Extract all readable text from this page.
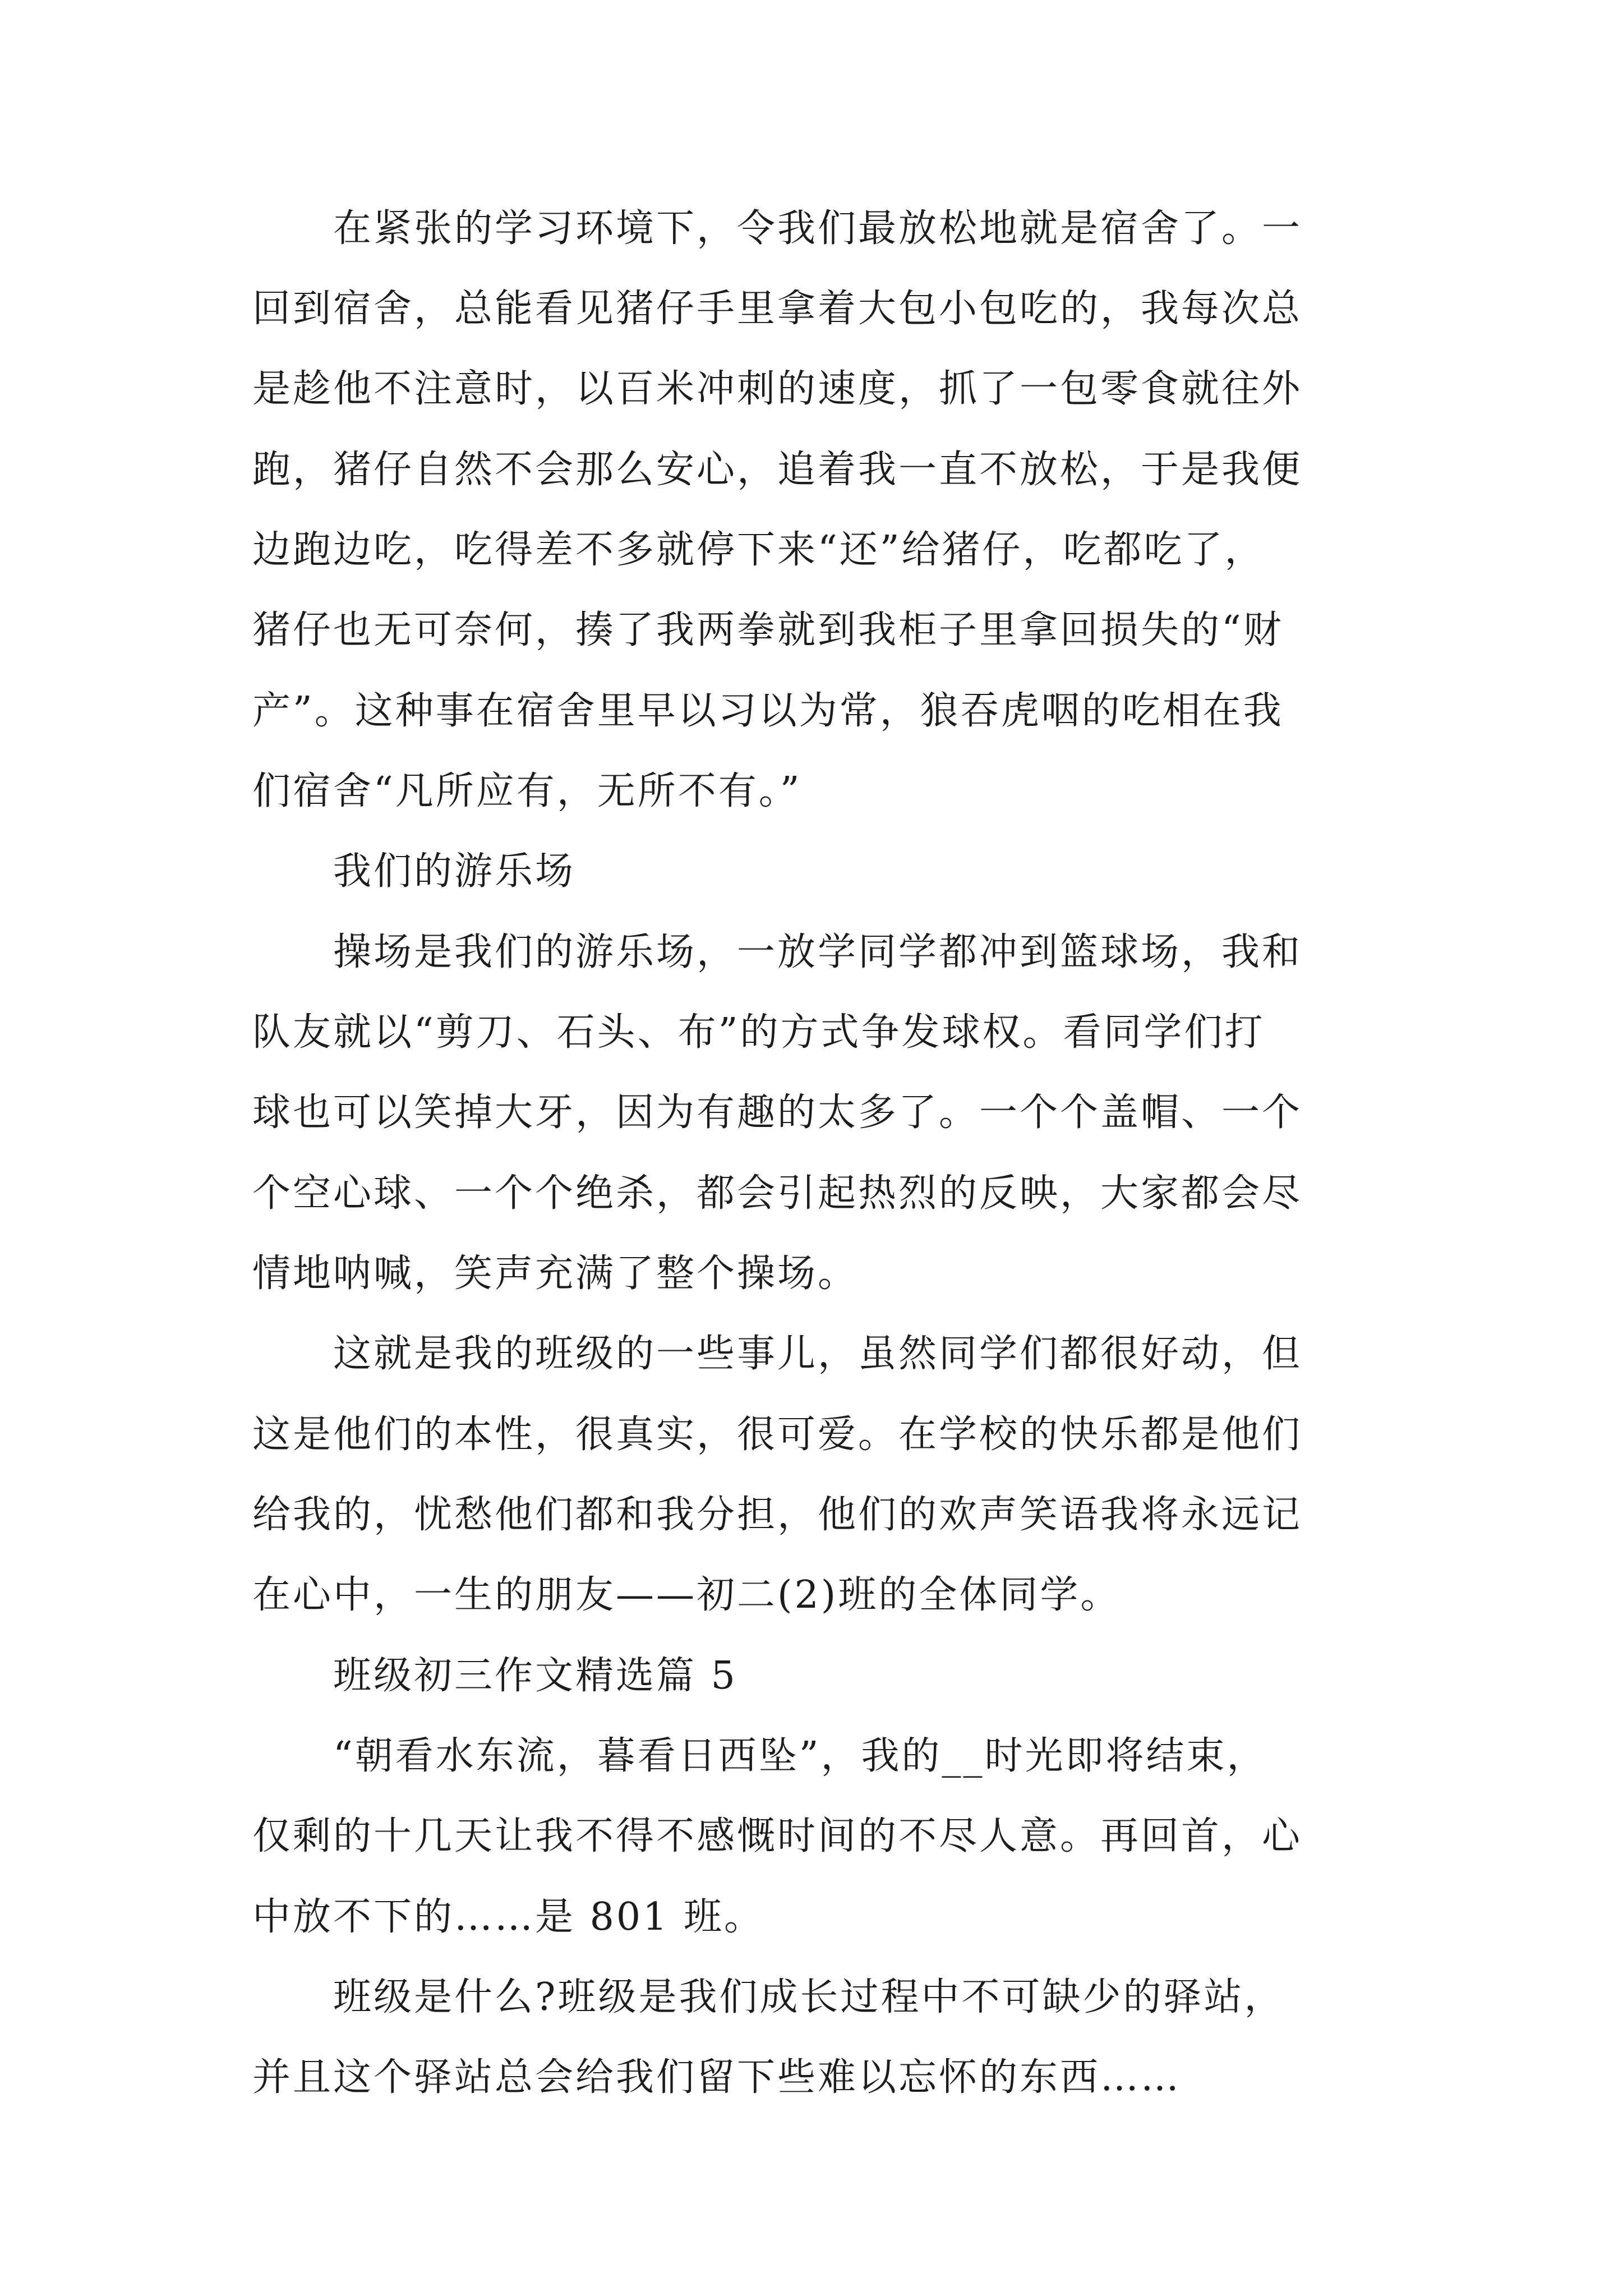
　　在紧张的学习环境下，令我们最放松地就是宿舍了。一

回到宿舍，总能看见猪仔手里拿着大包小包吃的，我每次总

是趁他不注意时，以百米冲刺的速度，抓了一包零食就往外

跑，猪仔自然不会那么安心，追着我一直不放松，于是我便

边跑边吃，吃得差不多就停下来“还”给猪仔，吃都吃了，

猪仔也无可奈何，揍了我两拳就到我柜子里拿回损失的“财

产”。这种事在宿舍里早以习以为常，狼吞虎咽的吃相在我

们宿舍“凡所应有，无所不有。”

　　我们的游乐场

　　操场是我们的游乐场，一放学同学都冲到篮球场，我和

队友就以“剪刀、石头、布”的方式争发球权。看同学们打

球也可以笑掉大牙，因为有趣的太多了。一个个盖帽、一个

个空心球、一个个绝杀，都会引起热烈的反映，大家都会尽

情地呐喊，笑声充满了整个操场。

　　这就是我的班级的一些事儿，虽然同学们都很好动，但

这是他们的本性，很真实，很可爱。在学校的快乐都是他们

给我的，忧愁他们都和我分担，他们的欢声笑语我将永远记

在心中，一生的朋友——初二(2)班的全体同学。

　　班级初三作文精选篇 5

　　“朝看水东流，暮看日西坠”，我的__时光即将结束，

仅剩的十几天让我不得不感慨时间的不尽人意。再回首，心

中放不下的……是 801 班。

　　班级是什么?班级是我们成长过程中不可缺少的驿站，

并且这个驿站总会给我们留下些难以忘怀的东西……
